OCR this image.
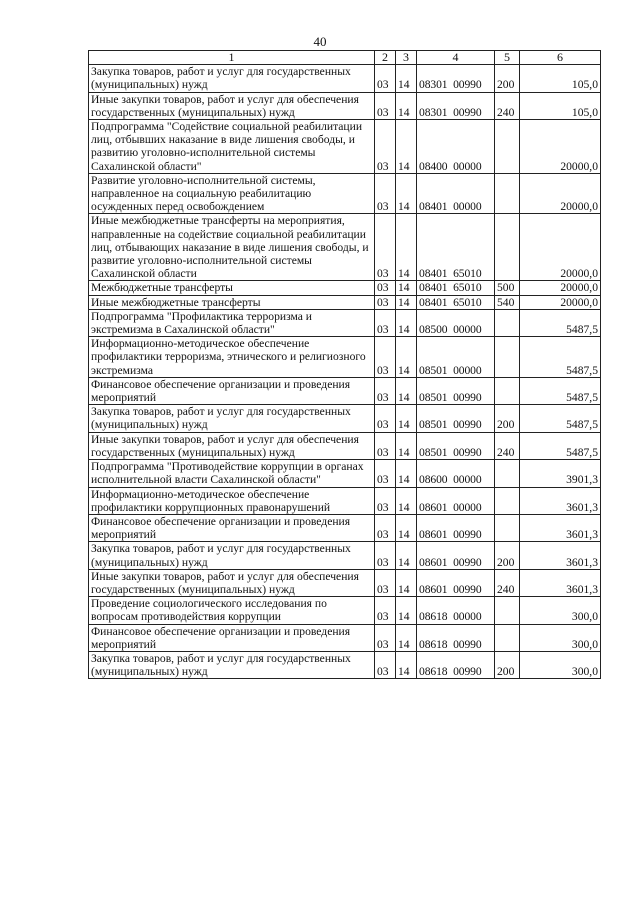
40
1	2	3	4	5	6
Закупка товаров, работ и услуг для государственных (муниципальных) нужд	03	14	08301  00990	200	105,0
Иные закупки товаров, работ и услуг для обеспечения государственных (муниципальных) нужд	03	14	08301  00990	240	105,0
Подпрограмма "Содействие социальной реабилитации лиц, отбывших наказание в виде лишения свободы, и развитию уголовно-исполнительной системы Сахалинской области"	03	14	08400  00000		20000,0
Развитие уголовно-исполнительной системы, направленное на социальную реабилитацию осужденных перед освобождением	03	14	08401  00000		20000,0
Иные межбюджетные трансферты на мероприятия, направленные на содействие социальной реабилитации лиц, отбывающих наказание в виде лишения свободы, и развитие уголовно-исполнительной системы Сахалинской области	03	14	08401  65010		20000,0
Межбюджетные трансферты	03	14	08401  65010	500	20000,0
Иные межбюджетные трансферты	03	14	08401  65010	540	20000,0
Подпрограмма "Профилактика терроризма и экстремизма в Сахалинской области"	03	14	08500  00000		5487,5
Информационно-методическое обеспечение профилактики терроризма, этнического и религиозного экстремизма	03	14	08501  00000		5487,5
Финансовое обеспечение организации и проведения мероприятий	03	14	08501  00990		5487,5
Закупка товаров, работ и услуг для государственных (муниципальных) нужд	03	14	08501  00990	200	5487,5
Иные закупки товаров, работ и услуг для обеспечения государственных (муниципальных) нужд	03	14	08501  00990	240	5487,5
Подпрограмма "Противодействие коррупции в органах исполнительной власти Сахалинской области"	03	14	08600  00000		3901,3
Информационно-методическое обеспечение профилактики коррупционных правонарушений	03	14	08601  00000		3601,3
Финансовое обеспечение организации и проведения мероприятий	03	14	08601  00990		3601,3
Закупка товаров, работ и услуг для государственных (муниципальных) нужд	03	14	08601  00990	200	3601,3
Иные закупки товаров, работ и услуг для обеспечения государственных (муниципальных) нужд	03	14	08601  00990	240	3601,3
Проведение социологического исследования по вопросам противодействия коррупции	03	14	08618  00000		300,0
Финансовое обеспечение организации и проведения мероприятий	03	14	08618  00990		300,0
Закупка товаров, работ и услуг для государственных (муниципальных) нужд	03	14	08618  00990	200	300,0
